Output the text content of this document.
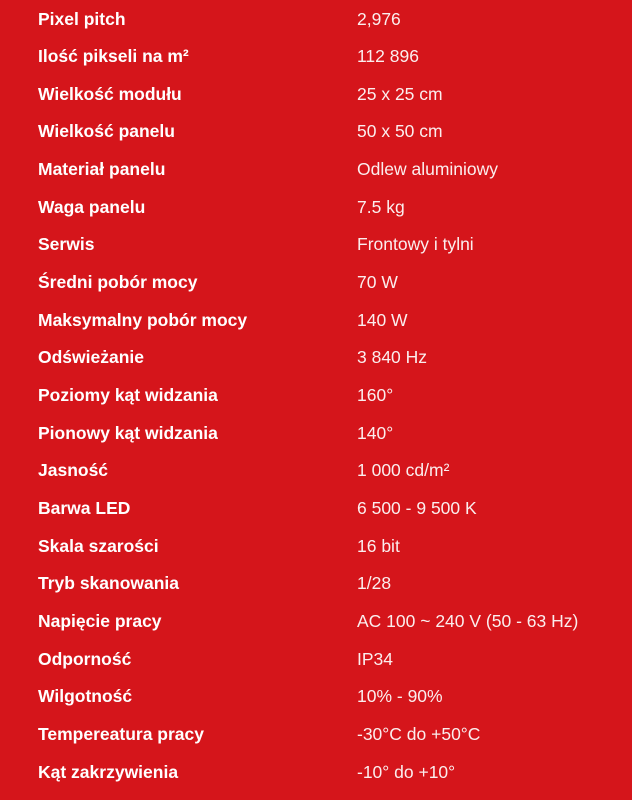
Pixel pitch	2,976
Ilość pikseli na m²	112 896
Wielkość modułu	25 x 25 cm
Wielkość panelu	50 x 50 cm
Materiał panelu	Odlew aluminiowy
Waga panelu	7.5 kg
Serwis	Frontowy i tylni
Średni pobór mocy	70 W
Maksymalny pobór mocy	140 W
Odświeżanie	3 840 Hz
Poziomy kąt widzania	160°
Pionowy kąt widzania	140°
Jasność	1 000 cd/m²
Barwa LED	6 500 - 9 500 K
Skala szarości	16 bit
Tryb skanowania	1/28
Napięcie pracy	AC 100 ~ 240 V (50 - 63 Hz)
Odporność	IP34
Wilgotność	10% - 90%
Tempereatura pracy	-30°C do +50°C
Kąt zakrzywienia	-10° do +10°
